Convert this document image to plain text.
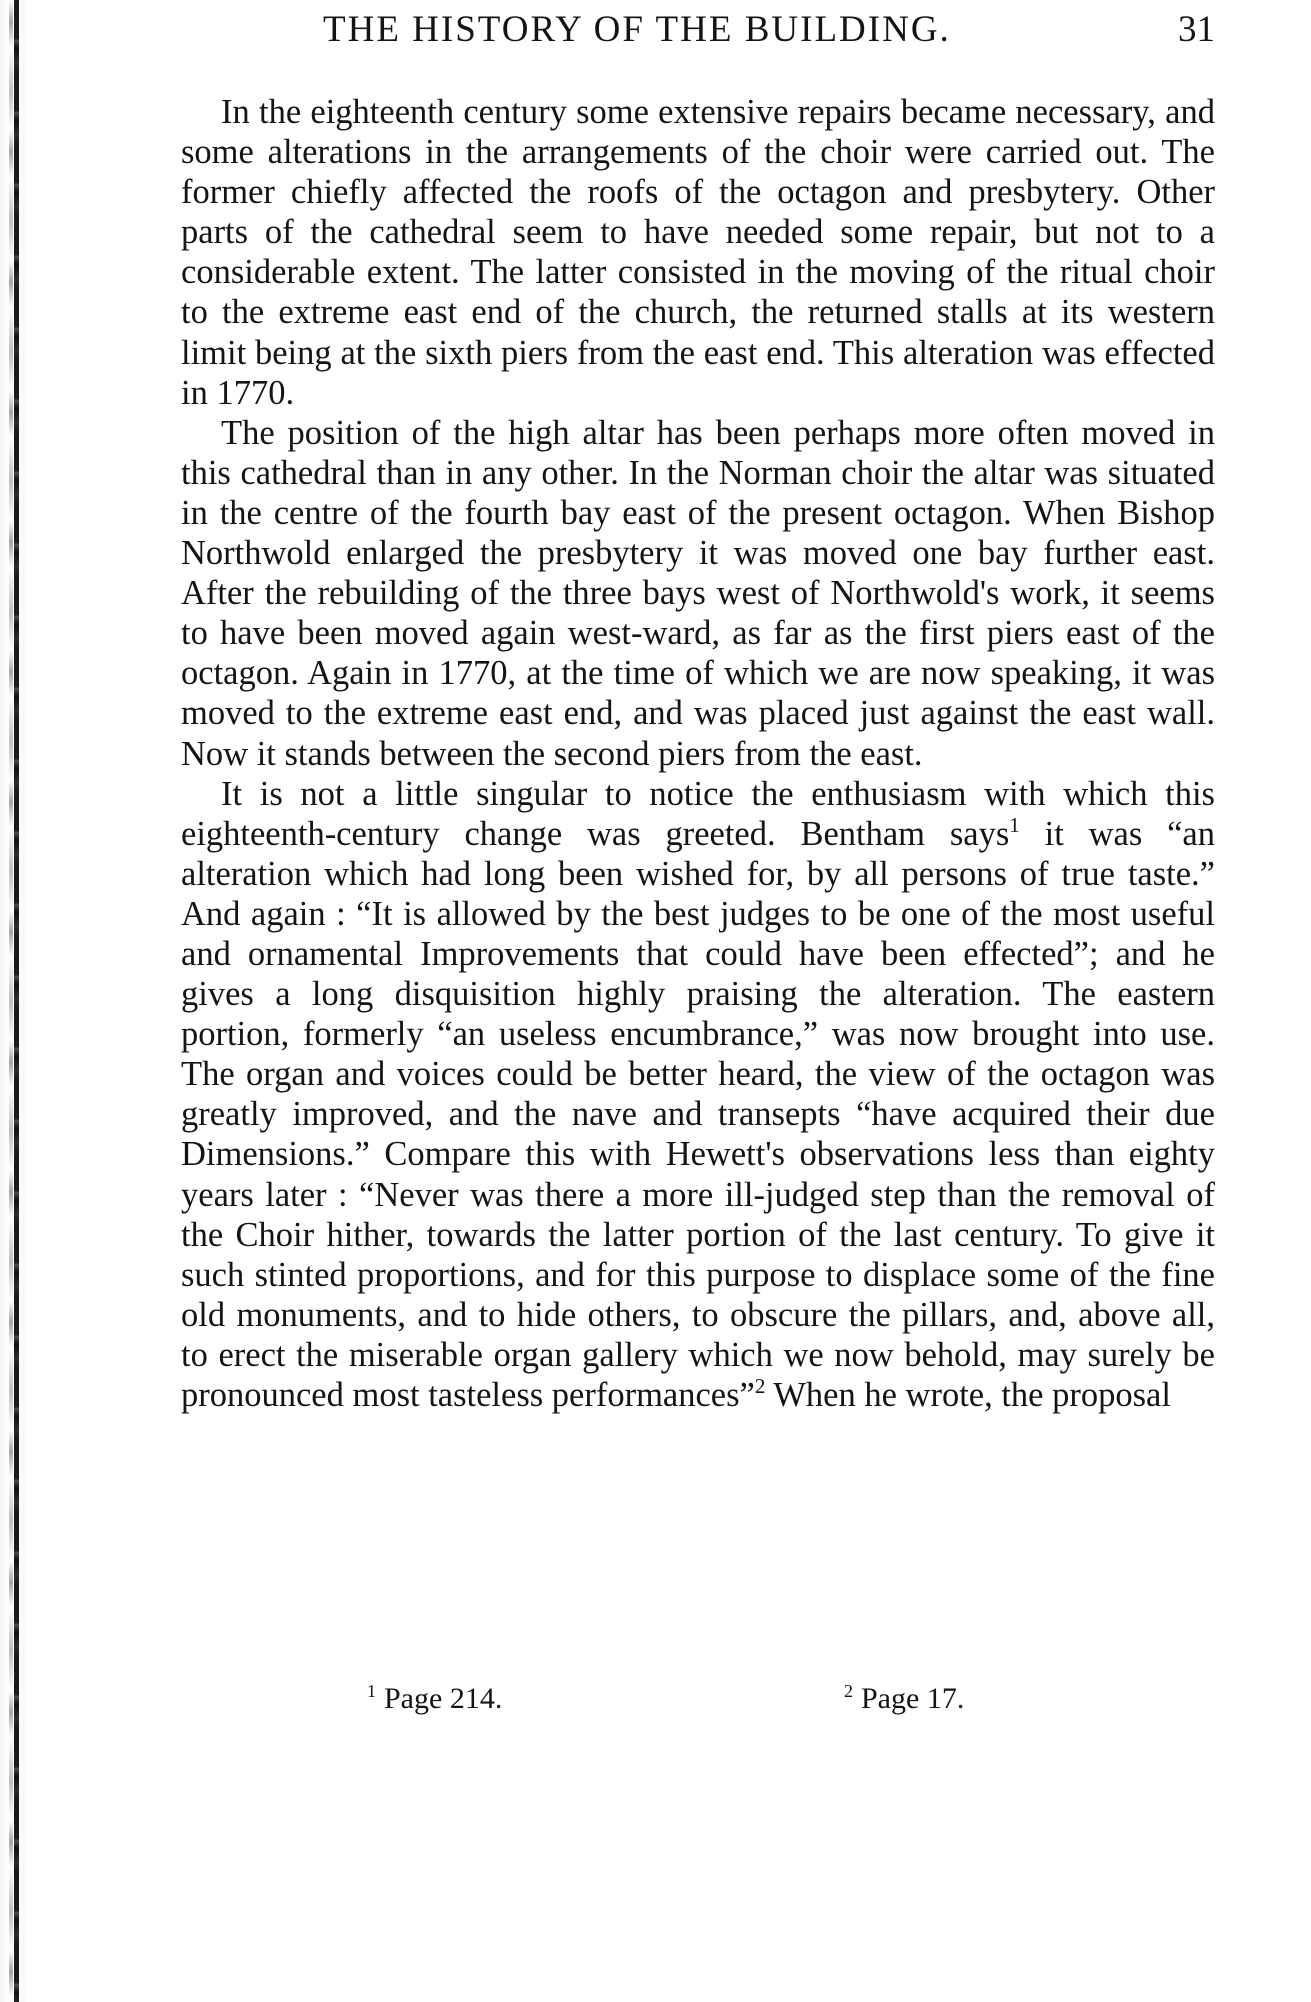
THE HISTORY OF THE BUILDING.	31

In the eighteenth century some extensive repairs became necessary, and some alterations in the arrangements of the choir were carried out. The former chiefly affected the roofs of the octagon and presbytery. Other parts of the cathedral seem to have needed some repair, but not to a considerable extent. The latter consisted in the moving of the ritual choir to the extreme east end of the church, the returned stalls at its western limit being at the sixth piers from the east end. This alteration was effected in 1770.

The position of the high altar has been perhaps more often moved in this cathedral than in any other. In the Norman choir the altar was situated in the centre of the fourth bay east of the present octagon. When Bishop Northwold enlarged the presbytery it was moved one bay further east. After the rebuilding of the three bays west of Northwold's work, it seems to have been moved again west-ward, as far as the first piers east of the octagon. Again in 1770, at the time of which we are now speaking, it was moved to the extreme east end, and was placed just against the east wall. Now it stands between the second piers from the east.

It is not a little singular to notice the enthusiasm with which this eighteenth-century change was greeted. Bentham says$^1$ it was “an alteration which had long been wished for, by all persons of true taste.” And again : “It is allowed by the best judges to be one of the most useful and ornamental Improvements that could have been effected”; and he gives a long disquisition highly praising the alteration. The eastern portion, formerly “an useless encumbrance,” was now brought into use. The organ and voices could be better heard, the view of the octagon was greatly improved, and the nave and transepts “have acquired their due Dimensions.” Compare this with Hewett's observations less than eighty years later : “Never was there a more ill-judged step than the removal of the Choir hither, towards the latter portion of the last century. To give it such stinted proportions, and for this purpose to displace some of the fine old monuments, and to hide others, to obscure the pillars, and, above all, to erect the miserable organ gallery which we now behold, may surely be pronounced most tasteless performances”$^2$ When he wrote, the proposal

$^1$ Page 214.	$^2$ Page 17.
